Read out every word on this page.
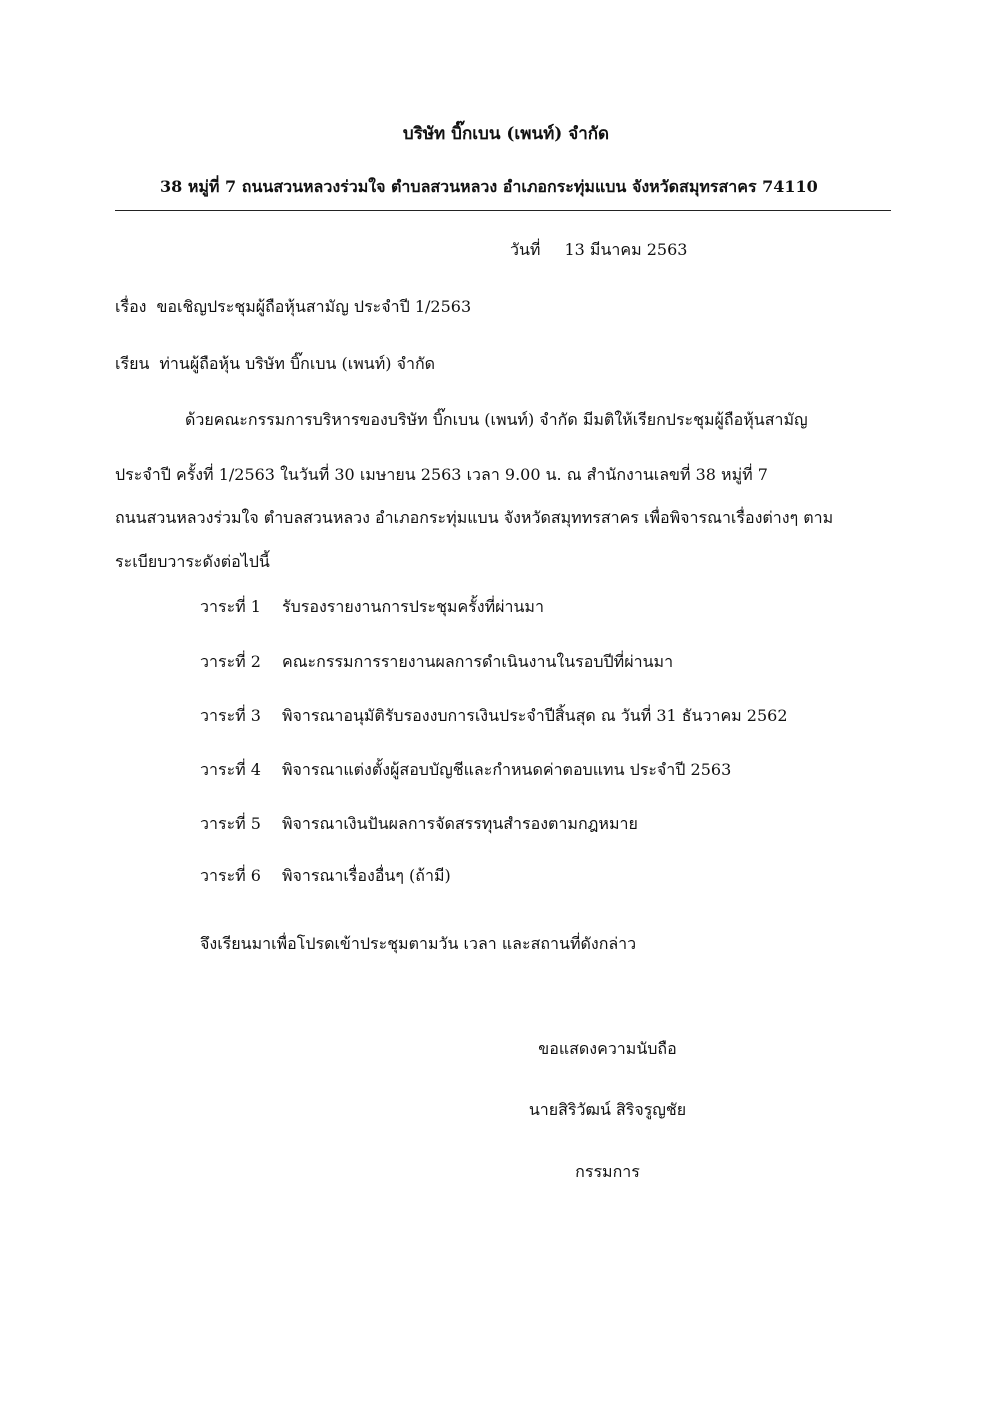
บริษัท บิ๊กเบน (เพนท์) จำกัด
38 หมู่ที่ 7 ถนนสวนหลวงร่วมใจ ตำบลสวนหลวง อำเภอกระทุ่มแบน จังหวัดสมุทรสาคร 74110
วันที่ 13 มีนาคม 2563
เรื่อง ขอเชิญประชุมผู้ถือหุ้นสามัญ ประจำปี 1/2563
เรียน ท่านผู้ถือหุ้น บริษัท บิ๊กเบน (เพนท์) จำกัด
ด้วยคณะกรรมการบริหารของบริษัท บิ๊กเบน (เพนท์) จำกัด มีมติให้เรียกประชุมผู้ถือหุ้นสามัญ
ประจำปี ครั้งที่ 1/2563 ในวันที่ 30 เมษายน 2563 เวลา 9.00 น. ณ สำนักงานเลขที่ 38 หมู่ที่ 7
ถนนสวนหลวงร่วมใจ ตำบลสวนหลวง อำเภอกระทุ่มแบน จังหวัดสมุททรสาคร เพื่อพิจารณาเรื่องต่างๆ ตาม
ระเบียบวาระดังต่อไปนี้
วาระที่ 1 รับรองรายงานการประชุมครั้งที่ผ่านมา
วาระที่ 2 คณะกรรมการรายงานผลการดำเนินงานในรอบปีที่ผ่านมา
วาระที่ 3 พิจารณาอนุมัติรับรองงบการเงินประจำปีสิ้นสุด ณ วันที่ 31 ธันวาคม 2562
วาระที่ 4 พิจารณาแต่งตั้งผู้สอบบัญชีและกำหนดค่าตอบแทน ประจำปี 2563
วาระที่ 5 พิจารณาเงินปันผลการจัดสรรทุนสำรองตามกฎหมาย
วาระที่ 6 พิจารณาเรื่องอื่นๆ (ถ้ามี)
จึงเรียนมาเพื่อโปรดเข้าประชุมตามวัน เวลา และสถานที่ดังกล่าว
ขอแสดงความนับถือ
นายสิริวัฒน์ สิริจรูญชัย
กรรมการ
